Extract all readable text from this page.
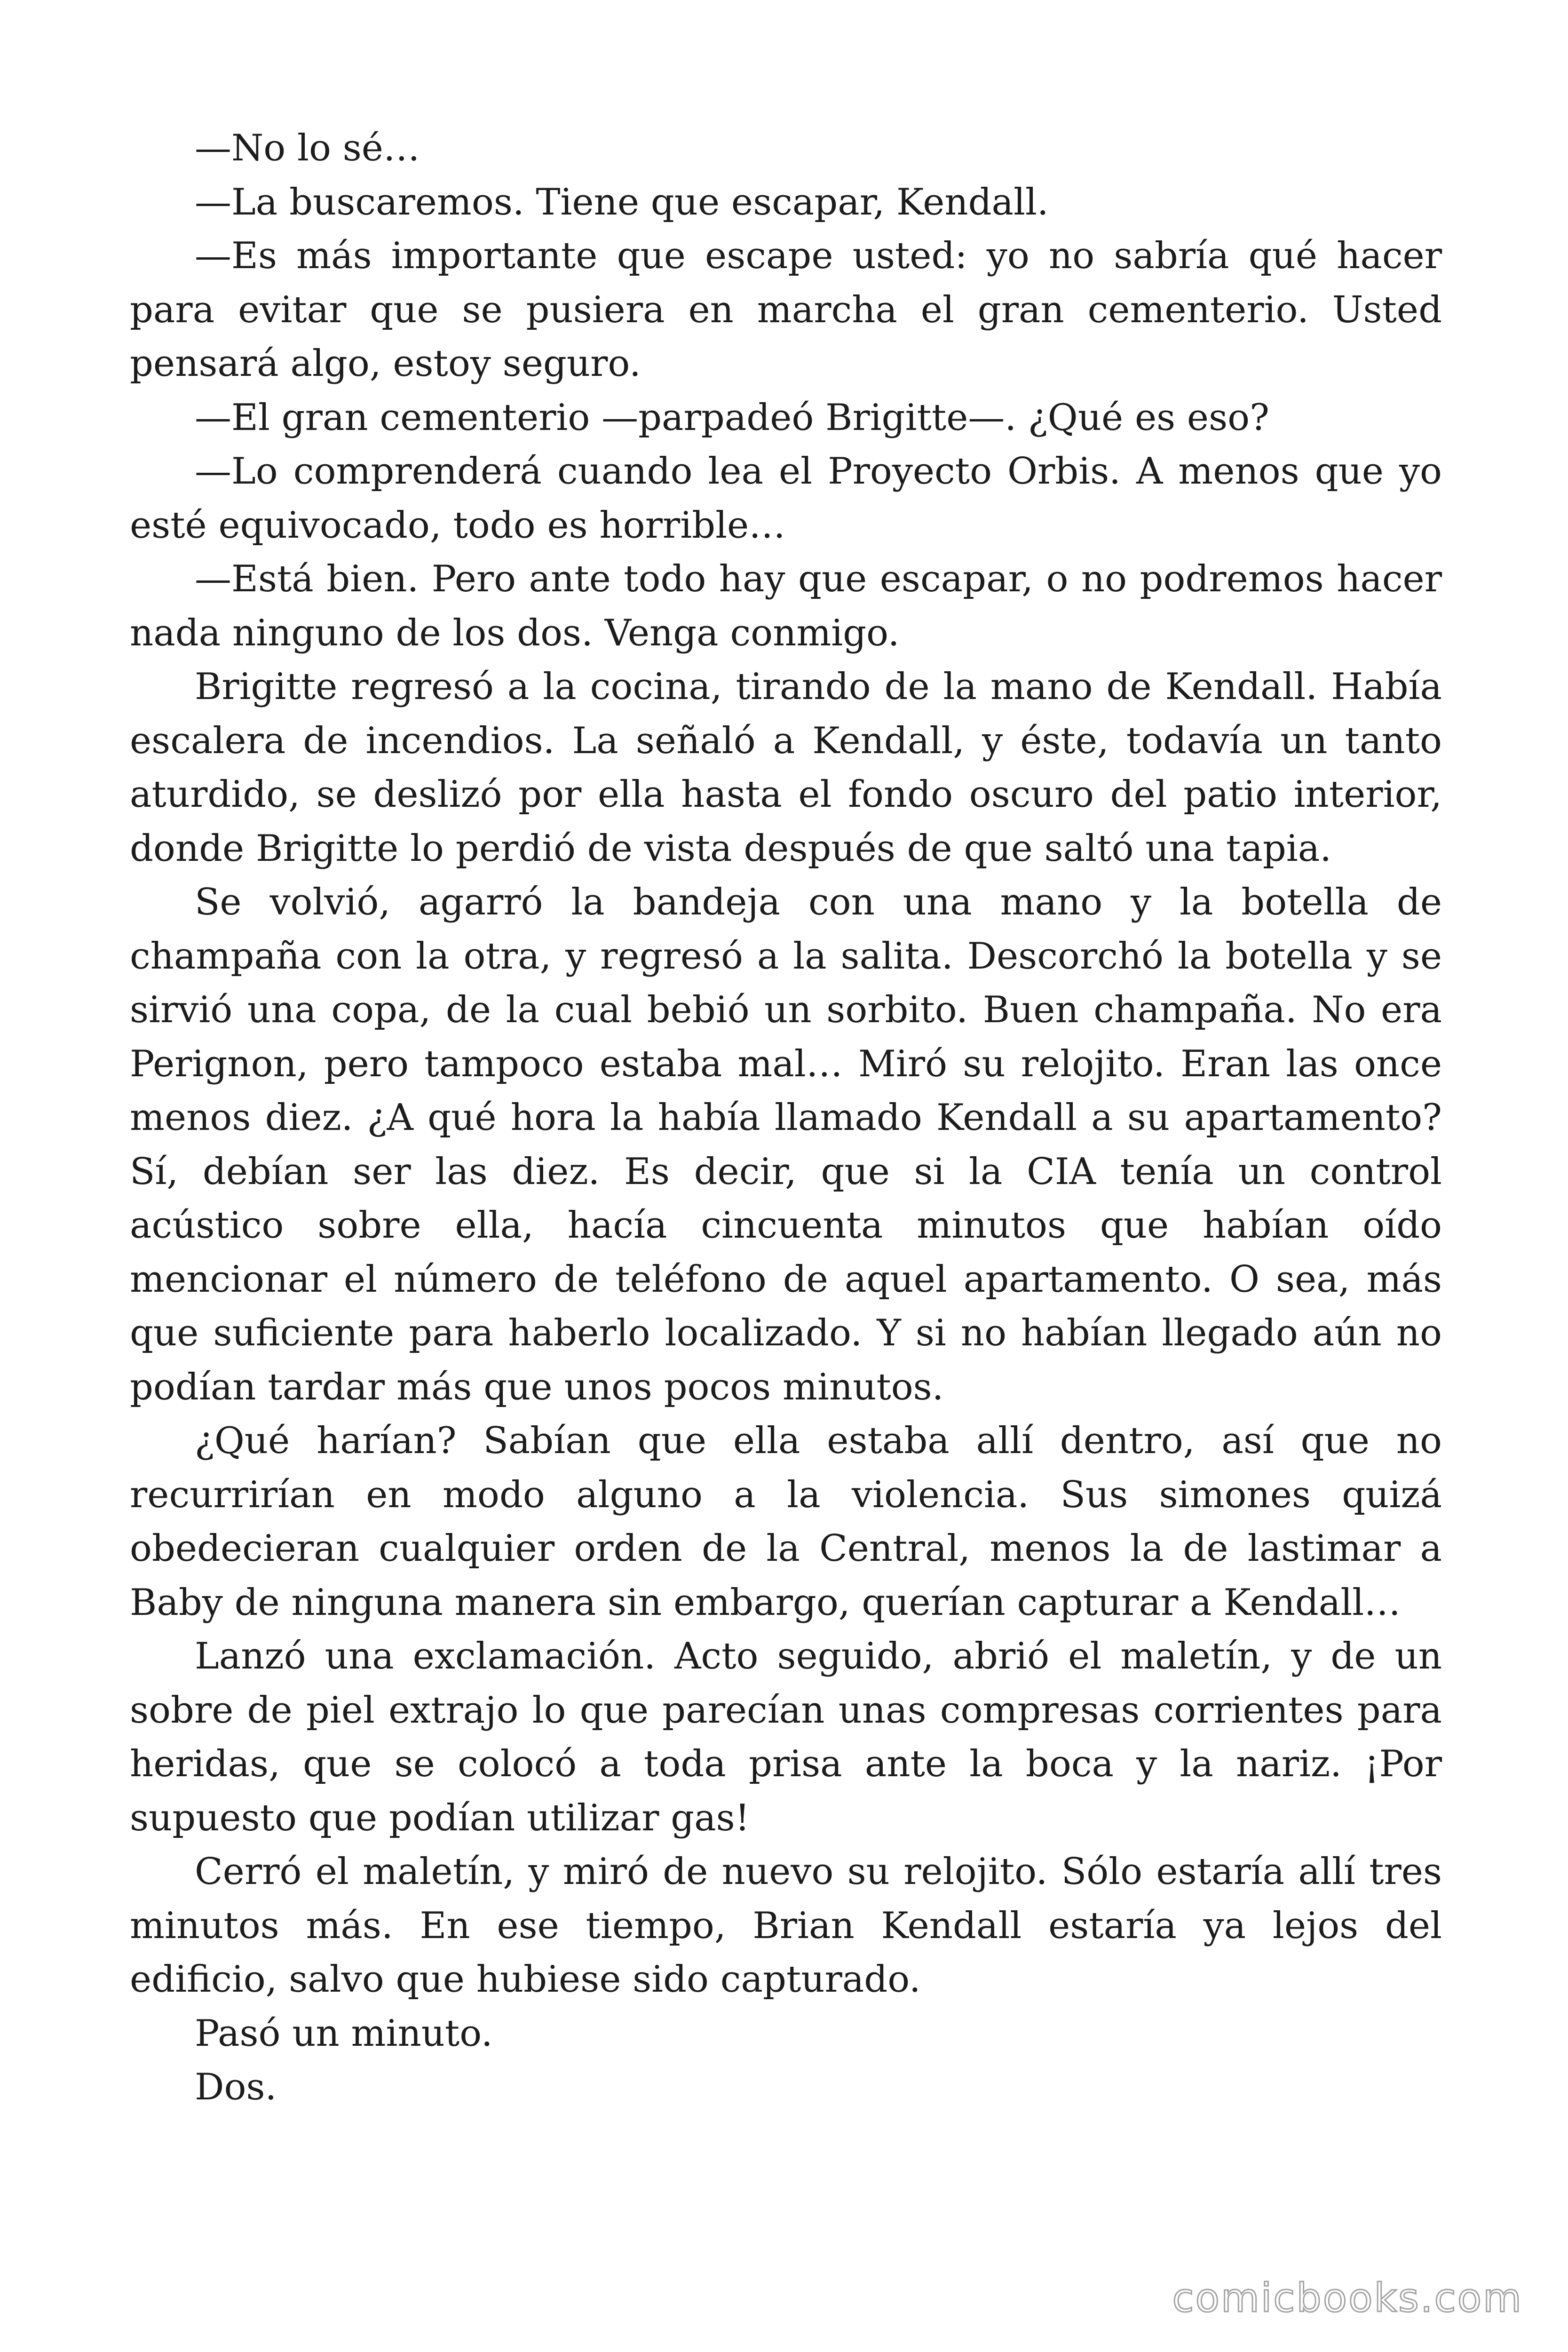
—No lo sé…

—La buscaremos. Tiene que escapar, Kendall.

—Es más importante que escape usted: yo no sabría qué hacer para evitar que se pusiera en marcha el gran cementerio. Usted pensará algo, estoy seguro.

—El gran cementerio —parpadeó Brigitte—. ¿Qué es eso?

—Lo comprenderá cuando lea el Proyecto Orbis. A menos que yo esté equivocado, todo es horrible…

—Está bien. Pero ante todo hay que escapar, o no podremos hacer nada ninguno de los dos. Venga conmigo.

Brigitte regresó a la cocina, tirando de la mano de Kendall. Había escalera de incendios. La señaló a Kendall, y éste, todavía un tanto aturdido, se deslizó por ella hasta el fondo oscuro del patio interior, donde Brigitte lo perdió de vista después de que saltó una tapia.

Se volvió, agarró la bandeja con una mano y la botella de champaña con la otra, y regresó a la salita. Descorchó la botella y se sirvió una copa, de la cual bebió un sorbito. Buen champaña. No era Perignon, pero tampoco estaba mal… Miró su relojito. Eran las once menos diez. ¿A qué hora la había llamado Kendall a su apartamento? Sí, debían ser las diez. Es decir, que si la CIA tenía un control acústico sobre ella, hacía cincuenta minutos que habían oído mencionar el número de teléfono de aquel apartamento. O sea, más que suficiente para haberlo localizado. Y si no habían llegado aún no podían tardar más que unos pocos minutos.

¿Qué harían? Sabían que ella estaba allí dentro, así que no recurrirían en modo alguno a la violencia. Sus simones quizá obedecieran cualquier orden de la Central, menos la de lastimar a Baby de ninguna manera sin embargo, querían capturar a Kendall…

Lanzó una exclamación. Acto seguido, abrió el maletín, y de un sobre de piel extrajo lo que parecían unas compresas corrientes para heridas, que se colocó a toda prisa ante la boca y la nariz. ¡Por supuesto que podían utilizar gas!

Cerró el maletín, y miró de nuevo su relojito. Sólo estaría allí tres minutos más. En ese tiempo, Brian Kendall estaría ya lejos del edificio, salvo que hubiese sido capturado.

Pasó un minuto.

Dos.

comicbooks.com
